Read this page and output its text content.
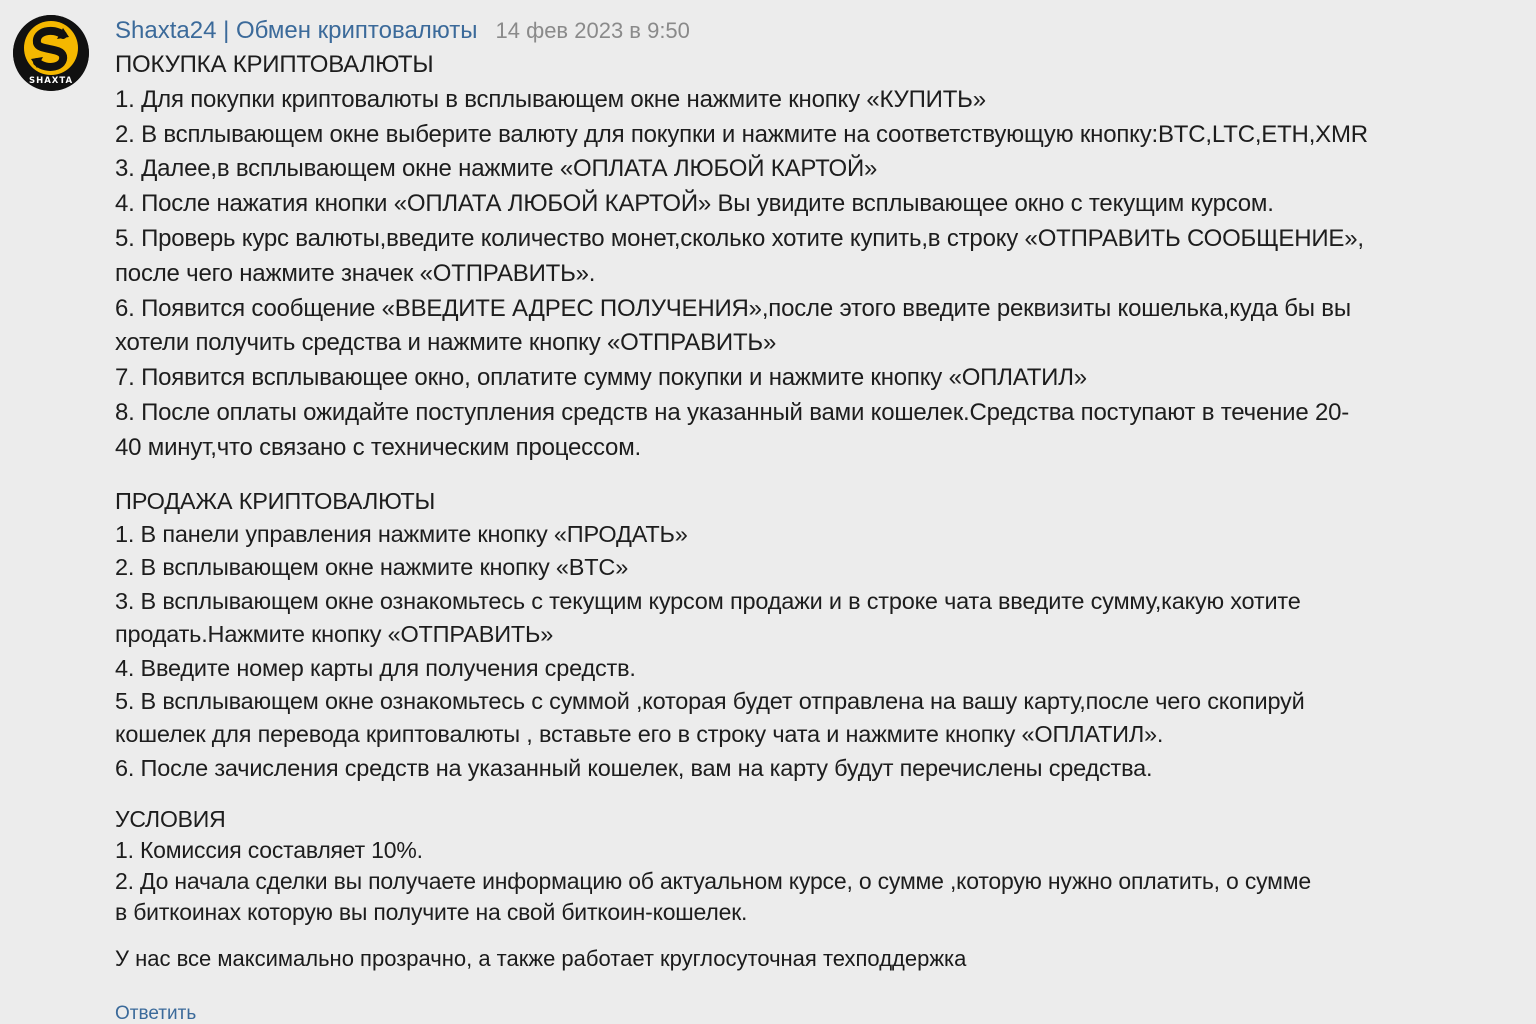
SHAXTA
Shaxta24 | Обмен криптовалюты 14 фев 2023 в 9:50

ПОКУПКА КРИПТОВАЛЮТЫ

1. Для покупки криптовалюты в всплывающем окне нажмите кнопку «КУПИТЬ»

2. В всплывающем окне выберите валюту для покупки и нажмите на соответствующую кнопку:BTC,LTC,ETH,XMR

3. Далее,в всплывающем окне нажмите «ОПЛАТА ЛЮБОЙ КАРТОЙ»

4. После нажатия кнопки «ОПЛАТА ЛЮБОЙ КАРТОЙ» Вы увидите всплывающее окно с текущим курсом.

5. Проверь курс валюты,введите количество монет,сколько хотите купить,в строку «ОТПРАВИТЬ СООБЩЕНИЕ»,

после чего нажмите значек «ОТПРАВИТЬ».

6. Появится сообщение «ВВЕДИТЕ АДРЕС ПОЛУЧЕНИЯ»,после этого введите реквизиты кошелька,куда бы вы

хотели получить средства и нажмите кнопку «ОТПРАВИТЬ»

7. Появится всплывающее окно, оплатите сумму покупки и нажмите кнопку «ОПЛАТИЛ»

8. После оплаты ожидайте поступления средств на указанный вами кошелек.Средства поступают в течение 20-

40 минут,что связано с техническим процессом.

ПРОДАЖА КРИПТОВАЛЮТЫ

1. В панели управления нажмите кнопку «ПРОДАТЬ»

2. В всплывающем окне нажмите кнопку «BTC»

3. В всплывающем окне ознакомьтесь с текущим курсом продажи и в строке чата введите сумму,какую хотите

продать.Нажмите кнопку «ОТПРАВИТЬ»

4. Введите номер карты для получения средств.

5. В всплывающем окне ознакомьтесь с суммой ,которая будет отправлена на вашу карту,после чего скопируй

кошелек для перевода криптовалюты , вставьте его в строку чата и нажмите кнопку «ОПЛАТИЛ».

6. После зачисления средств на указанный кошелек, вам на карту будут перечислены средства.

УСЛОВИЯ

1. Комиссия составляет 10%.

2. До начала сделки вы получаете информацию об актуальном курсе, о сумме ,которую нужно оплатить, о сумме

в биткоинах которую вы получите на свой биткоин-кошелек.

У нас все максимально прозрачно, а также работает круглосуточная техподдержка

Ответить
